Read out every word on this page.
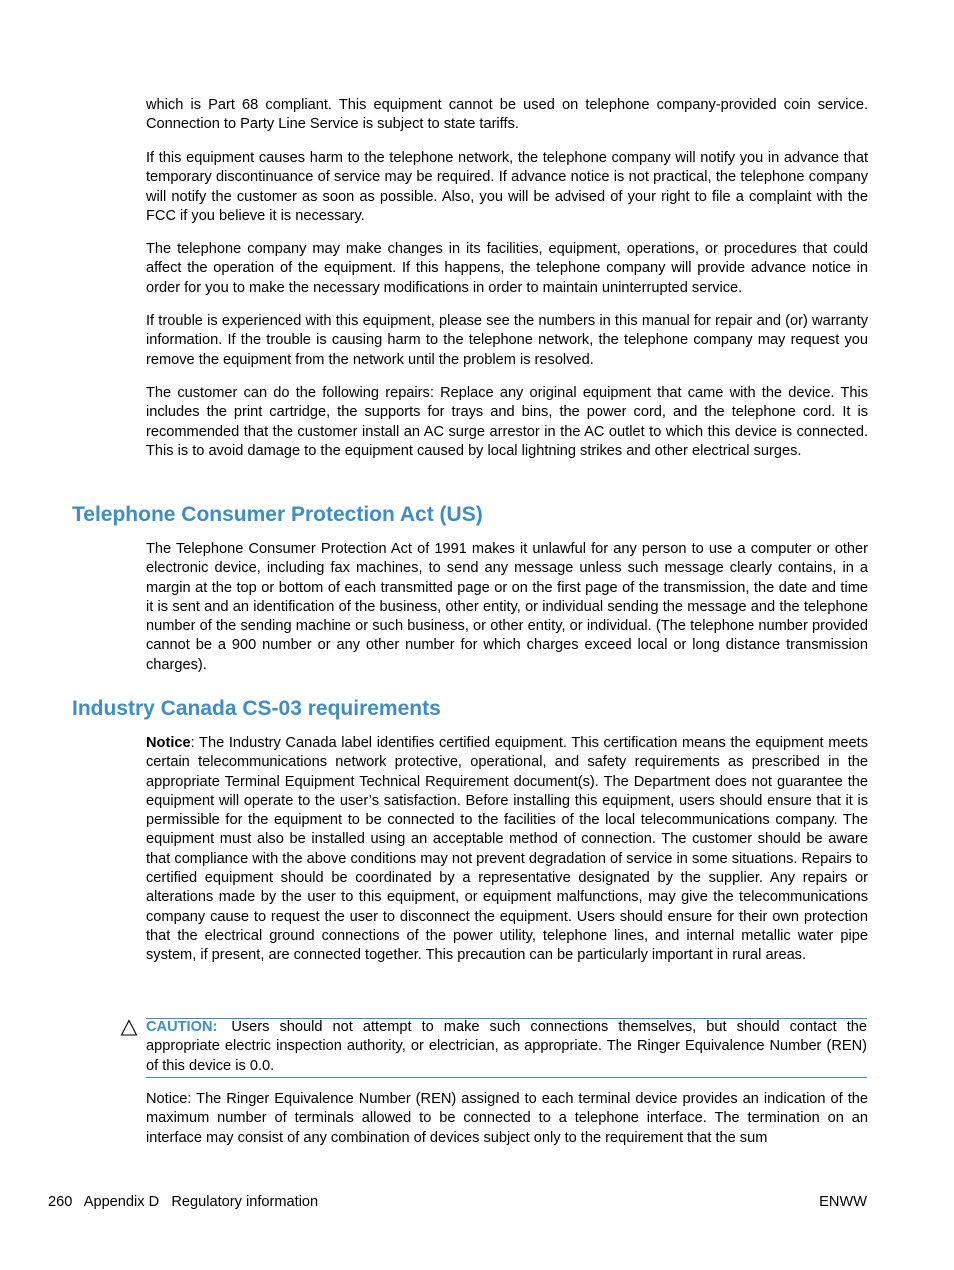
which is Part 68 compliant. This equipment cannot be used on telephone company-provided coin service. Connection to Party Line Service is subject to state tariffs.

If this equipment causes harm to the telephone network, the telephone company will notify you in advance that temporary discontinuance of service may be required. If advance notice is not practical, the telephone company will notify the customer as soon as possible. Also, you will be advised of your right to file a complaint with the FCC if you believe it is necessary.

The telephone company may make changes in its facilities, equipment, operations, or procedures that could affect the operation of the equipment. If this happens, the telephone company will provide advance notice in order for you to make the necessary modifications in order to maintain uninterrupted service.

If trouble is experienced with this equipment, please see the numbers in this manual for repair and (or) warranty information. If the trouble is causing harm to the telephone network, the telephone company may request you remove the equipment from the network until the problem is resolved.

The customer can do the following repairs: Replace any original equipment that came with the device. This includes the print cartridge, the supports for trays and bins, the power cord, and the telephone cord. It is recommended that the customer install an AC surge arrestor in the AC outlet to which this device is connected. This is to avoid damage to the equipment caused by local lightning strikes and other electrical surges.

Telephone Consumer Protection Act (US)

The Telephone Consumer Protection Act of 1991 makes it unlawful for any person to use a computer or other electronic device, including fax machines, to send any message unless such message clearly contains, in a margin at the top or bottom of each transmitted page or on the first page of the transmission, the date and time it is sent and an identification of the business, other entity, or individual sending the message and the telephone number of the sending machine or such business, or other entity, or individual. (The telephone number provided cannot be a 900 number or any other number for which charges exceed local or long distance transmission charges).

Industry Canada CS-03 requirements

Notice: The Industry Canada label identifies certified equipment. This certification means the equipment meets certain telecommunications network protective, operational, and safety requirements as prescribed in the appropriate Terminal Equipment Technical Requirement document(s). The Department does not guarantee the equipment will operate to the user’s satisfaction. Before installing this equipment, users should ensure that it is permissible for the equipment to be connected to the facilities of the local telecommunications company. The equipment must also be installed using an acceptable method of connection. The customer should be aware that compliance with the above conditions may not prevent degradation of service in some situations. Repairs to certified equipment should be coordinated by a representative designated by the supplier. Any repairs or alterations made by the user to this equipment, or equipment malfunctions, may give the telecommunications company cause to request the user to disconnect the equipment. Users should ensure for their own protection that the electrical ground connections of the power utility, telephone lines, and internal metallic water pipe system, if present, are connected together. This precaution can be particularly important in rural areas.

CAUTION: Users should not attempt to make such connections themselves, but should contact the appropriate electric inspection authority, or electrician, as appropriate. The Ringer Equivalence Number (REN) of this device is 0.0.

Notice: The Ringer Equivalence Number (REN) assigned to each terminal device provides an indication of the maximum number of terminals allowed to be connected to a telephone interface. The termination on an interface may consist of any combination of devices subject only to the requirement that the sum

260 Appendix D Regulatory information	ENWW
